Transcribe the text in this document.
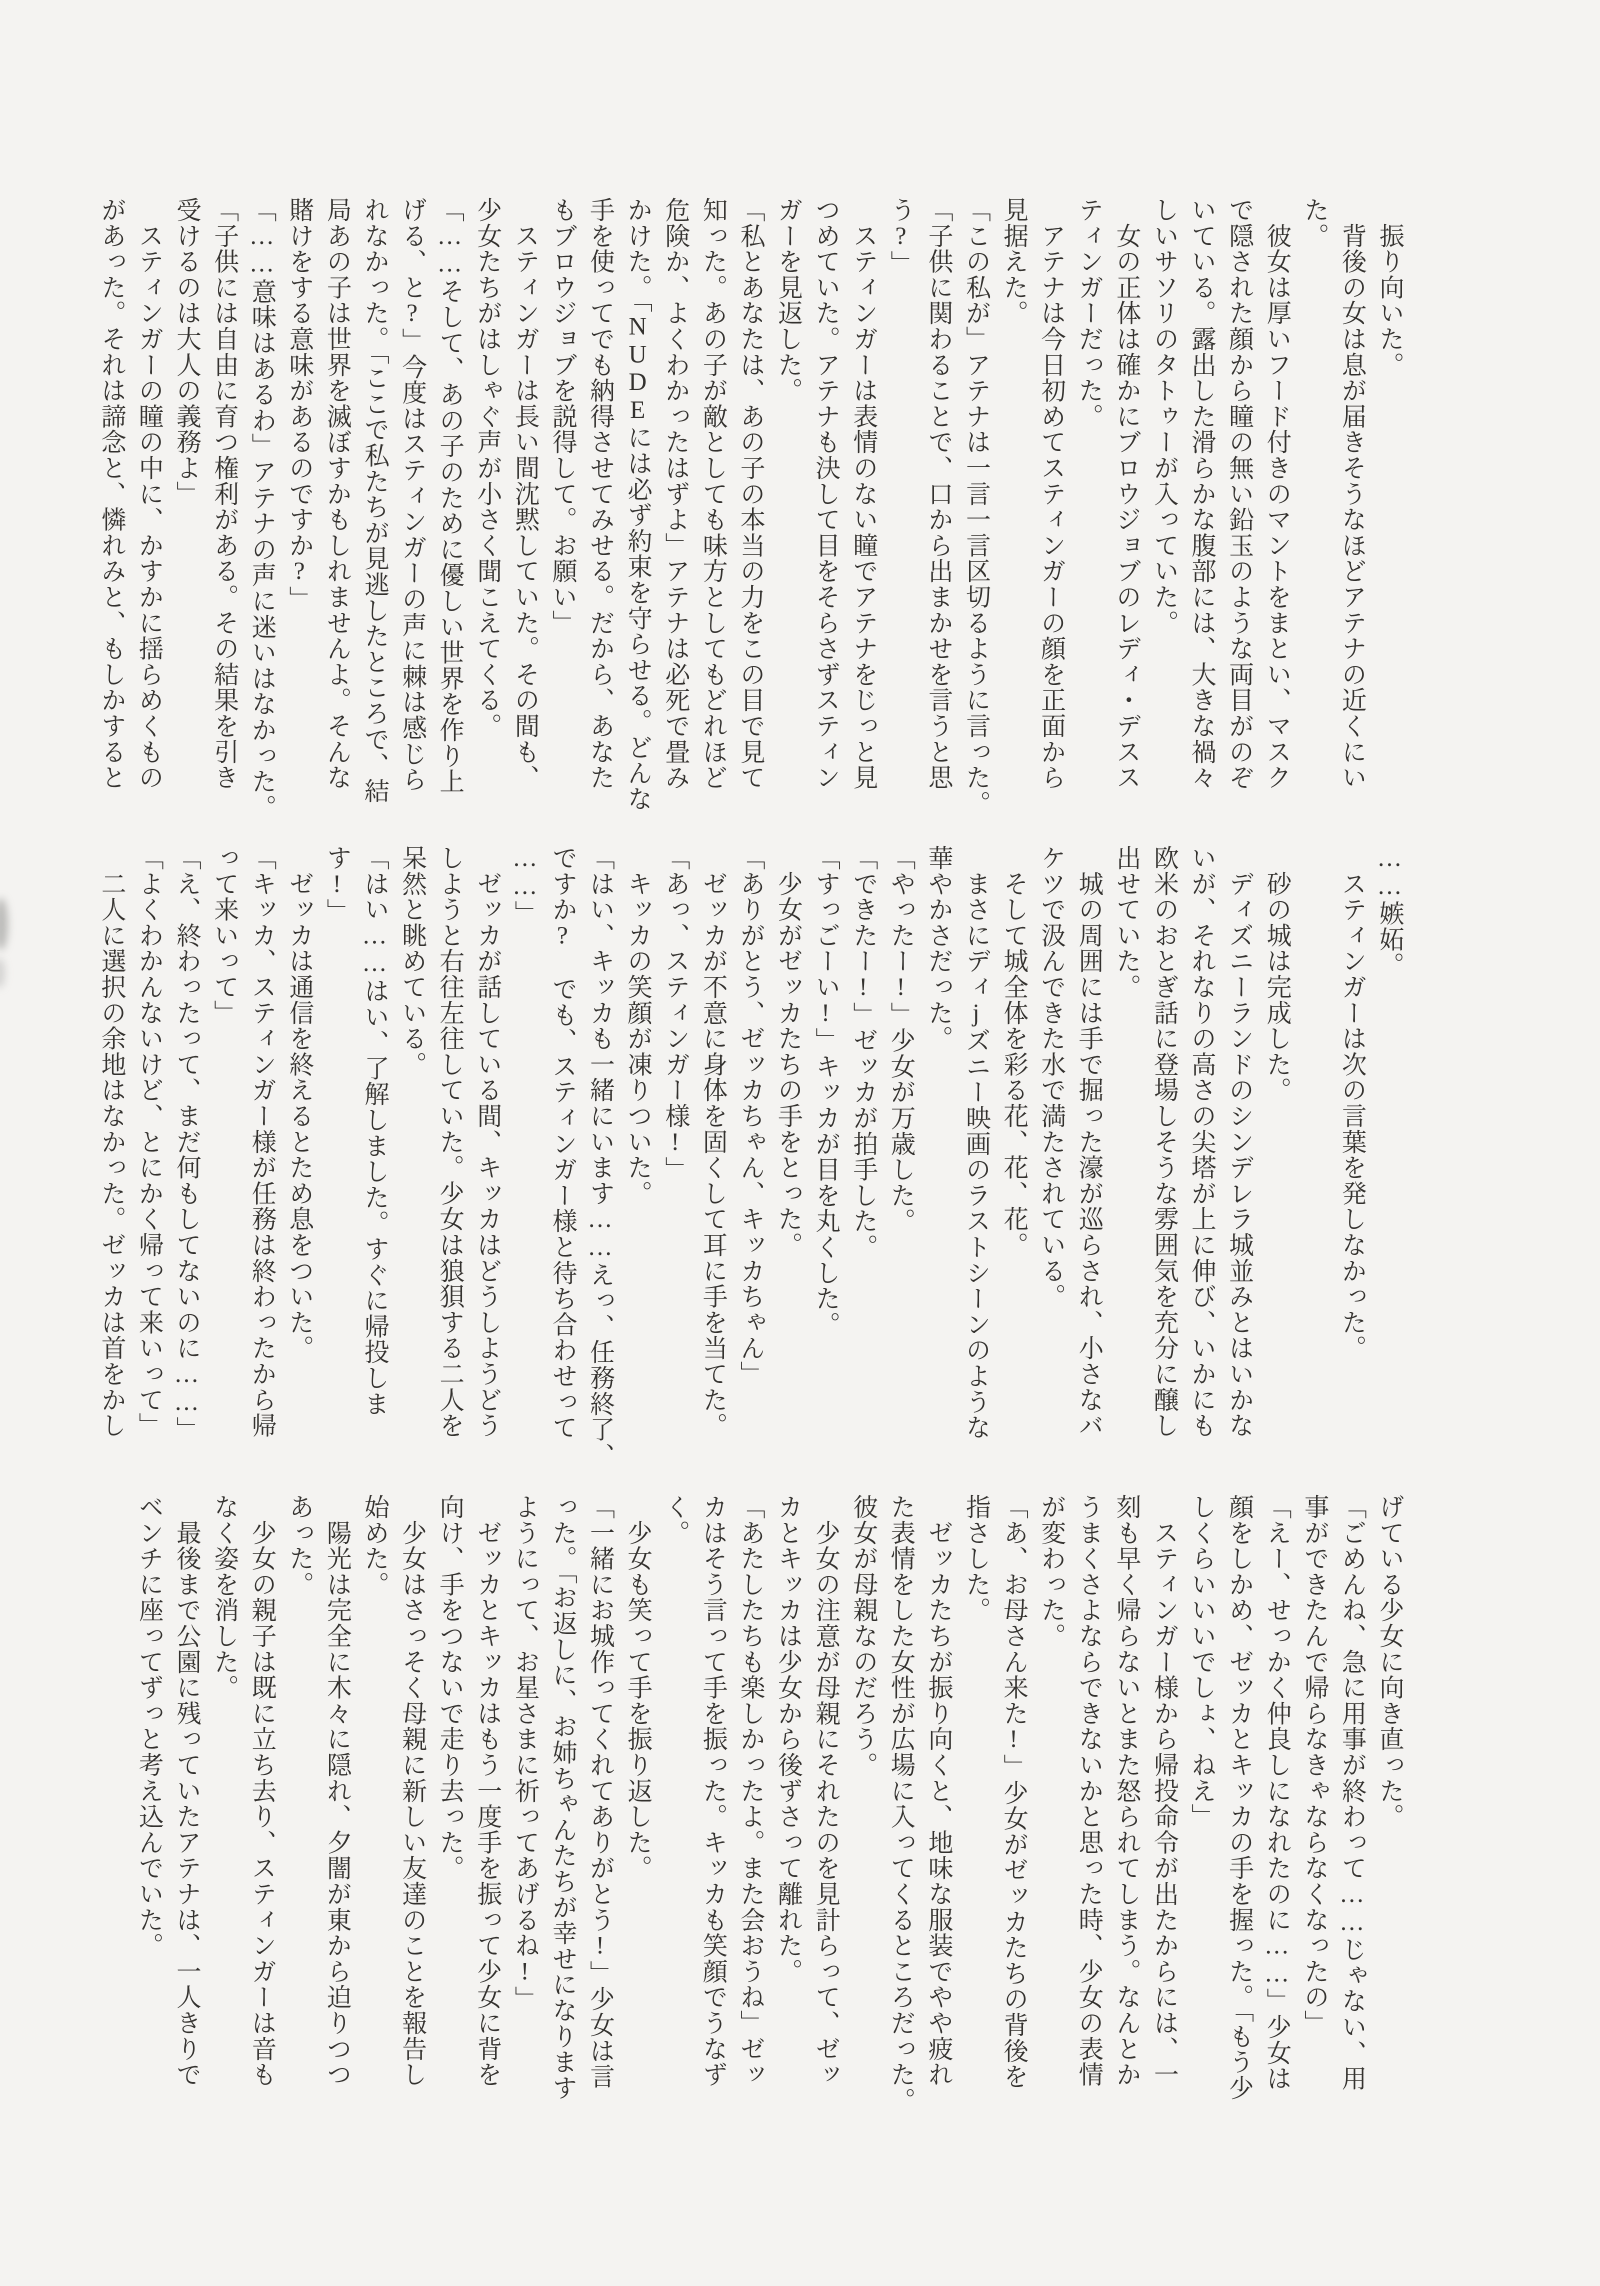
　振り向いた。
　背後の女は息が届きそうなほどアテナの近くにい
た。
　彼女は厚いフード付きのマントをまとい、マスク
で隠された顔から瞳の無い鉛玉のような両目がのぞ
いている。露出した滑らかな腹部には、大きな禍々
しいサソリのタトゥーが入っていた。
　女の正体は確かにブロウジョブのレディ・デスス
ティンガーだった。
　アテナは今日初めてスティンガーの顔を正面から
見据えた。
「この私が」アテナは一言一言区切るように言った。
「子供に関わることで、口から出まかせを言うと思
う?」
　スティンガーは表情のない瞳でアテナをじっと見
つめていた。アテナも決して目をそらさずスティン
ガーを見返した。
「私とあなたは、あの子の本当の力をこの目で見て
知った。あの子が敵としても味方としてもどれほど
危険か、よくわかったはずよ」アテナは必死で畳み
かけた。「NUDEには必ず約束を守らせる。どんな
手を使ってでも納得させてみせる。だから、あなた
もブロウジョブを説得して。お願い」
　スティンガーは長い間沈黙していた。その間も、
少女たちがはしゃぐ声が小さく聞こえてくる。
「……そして、あの子のために優しい世界を作り上
げる、と?」今度はスティンガーの声に棘は感じら
れなかった。「ここで私たちが見逃したところで、結
局あの子は世界を滅ぼすかもしれませんよ。そんな
賭けをする意味があるのですか?」
「……意味はあるわ」アテナの声に迷いはなかった。
「子供には自由に育つ権利がある。その結果を引き
受けるのは大人の義務よ」
　スティンガーの瞳の中に、かすかに揺らめくもの
があった。それは諦念と、憐れみと、もしかすると
……嫉妬。
　スティンガーは次の言葉を発しなかった。

　砂の城は完成した。
　ディズニーランドのシンデレラ城並みとはいかな
いが、それなりの高さの尖塔が上に伸び、いかにも
欧米のおとぎ話に登場しそうな雰囲気を充分に醸し
出せていた。
　城の周囲には手で掘った濠が巡らされ、小さなバ
ケツで汲んできた水で満たされている。
　そして城全体を彩る花、花、花。
　まさにディjズニー映画のラストシーンのような
華やかさだった。
「やったー!」少女が万歳した。
「できたー!」ゼッカが拍手した。
「すっごーい!」キッカが目を丸くした。
　少女がゼッカたちの手をとった。
「ありがとう、ゼッカちゃん、キッカちゃん」
　ゼッカが不意に身体を固くして耳に手を当てた。
「あっ、スティンガー様!」
　キッカの笑顔が凍りついた。
「はい、キッカも一緒にいます……えっ、任務終了、
ですか?　でも、スティンガー様と待ち合わせって
……」
　ゼッカが話している間、キッカはどうしようどう
しようと右往左往していた。少女は狼狽する二人を
呆然と眺めている。
「はい……はい、了解しました。すぐに帰投しま
す!」
　ゼッカは通信を終えるとため息をついた。
「キッカ、スティンガー様が任務は終わったから帰
って来いって」
「え、終わったって、まだ何もしてないのに……」
「よくわかんないけど、とにかく帰って来いって」
　二人に選択の余地はなかった。ゼッカは首をかし
げている少女に向き直った。
「ごめんね、急に用事が終わって……じゃない、用
事ができたんで帰らなきゃならなくなったの」
「えー、せっかく仲良しになれたのに……」少女は
顔をしかめ、ゼッカとキッカの手を握った。「もう少
しくらいいいでしょ、ねえ」
　スティンガー様から帰投命令が出たからには、一
刻も早く帰らないとまた怒られてしまう。なんとか
うまくさよならできないかと思った時、少女の表情
が変わった。
「あ、お母さん来た!」少女がゼッカたちの背後を
指さした。
　ゼッカたちが振り向くと、地味な服装でやや疲れ
た表情をした女性が広場に入ってくるところだった。
彼女が母親なのだろう。
　少女の注意が母親にそれたのを見計らって、ゼッ
カとキッカは少女から後ずさって離れた。
「あたしたちも楽しかったよ。また会おうね」ゼッ
カはそう言って手を振った。キッカも笑顔でうなず
く。
　少女も笑って手を振り返した。
「一緒にお城作ってくれてありがとう!」少女は言
った。「お返しに、お姉ちゃんたちが幸せになります
ようにって、お星さまに祈ってあげるね!」
　ゼッカとキッカはもう一度手を振って少女に背を
向け、手をつないで走り去った。
　少女はさっそく母親に新しい友達のことを報告し
始めた。
　陽光は完全に木々に隠れ、夕闇が東から迫りつつ
あった。
　少女の親子は既に立ち去り、スティンガーは音も
なく姿を消した。
　最後まで公園に残っていたアテナは、一人きりで
ベンチに座ってずっと考え込んでいた。
